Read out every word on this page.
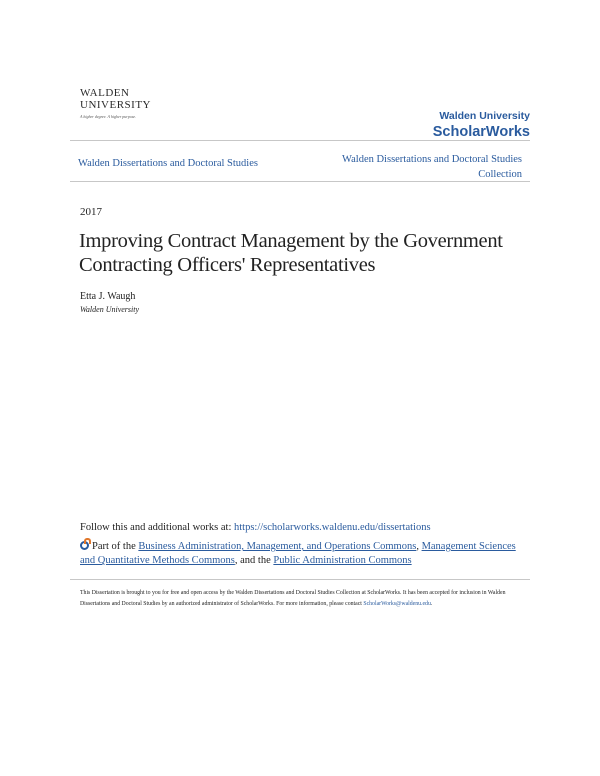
WALDEN
UNIVERSITY
A higher degree. A higher purpose.	Walden University
ScholarWorks
Walden Dissertations and Doctoral Studies	Walden Dissertations and Doctoral Studies Collection
2017
Improving Contract Management by the Government Contracting Officers' Representatives
Etta J. Waugh
Walden University
Follow this and additional works at: https://scholarworks.waldenu.edu/dissertations
Part of the Business Administration, Management, and Operations Commons, Management Sciences and Quantitative Methods Commons, and the Public Administration Commons
This Dissertation is brought to you for free and open access by the Walden Dissertations and Doctoral Studies Collection at ScholarWorks. It has been accepted for inclusion in Walden Dissertations and Doctoral Studies by an authorized administrator of ScholarWorks. For more information, please contact ScholarWorks@waldenu.edu.
